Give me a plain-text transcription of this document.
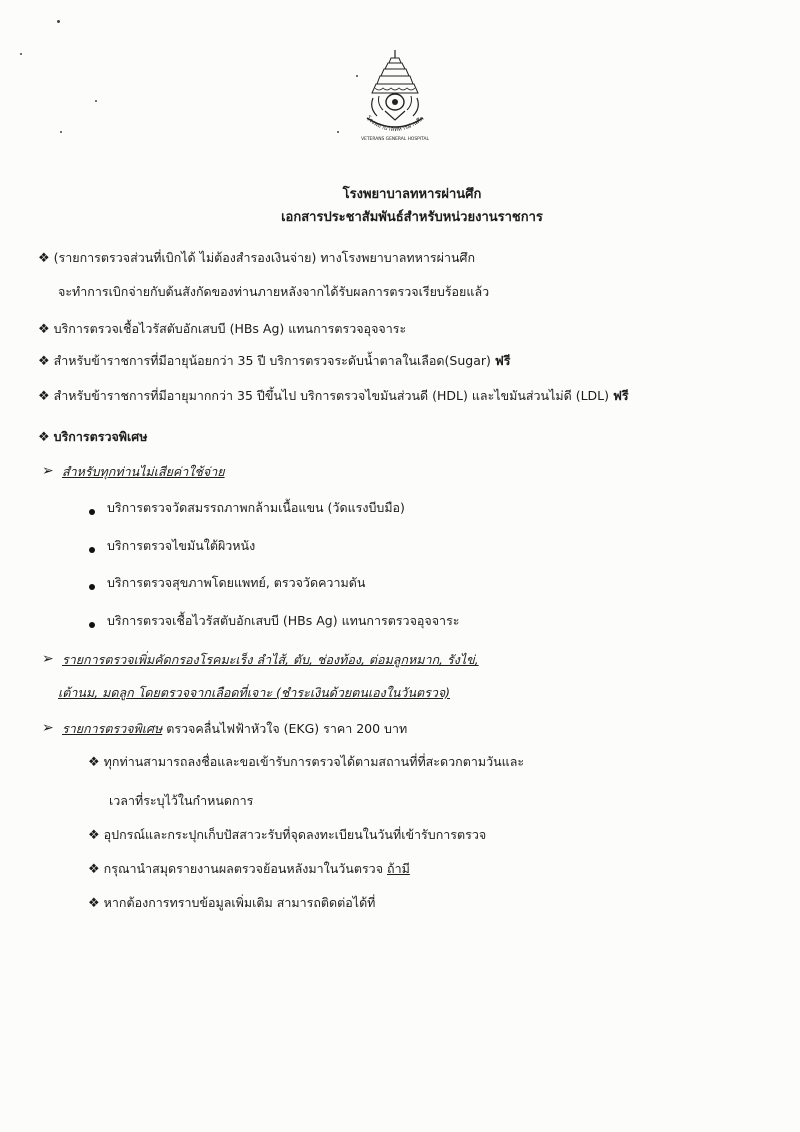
โรงพยาบาลทหารผ่านศึก
VETERANS GENERAL HOSPITAL
โรงพยาบาลทหารผ่านศึก
เอกสารประชาสัมพันธ์สำหรับหน่วยงานราชการ
❖ (รายการตรวจส่วนที่เบิกได้ ไม่ต้องสำรองเงินจ่าย) ทางโรงพยาบาลทหารผ่านศึก
จะทำการเบิกจ่ายกับต้นสังกัดของท่านภายหลังจากได้รับผลการตรวจเรียบร้อยแล้ว
❖ บริการตรวจเชื้อไวรัสตับอักเสบบี (HBs Ag) แทนการตรวจอุจจาระ
❖ สำหรับข้าราชการที่มีอายุน้อยกว่า 35 ปี บริการตรวจระดับน้ำตาลในเลือด(Sugar) ฟรี
❖ สำหรับข้าราชการที่มีอายุมากกว่า 35 ปีขึ้นไป บริการตรวจไขมันส่วนดี (HDL) และไขมันส่วนไม่ดี (LDL) ฟรี
❖ บริการตรวจพิเศษ
➢ สำหรับทุกท่านไม่เสียค่าใช้จ่าย
บริการตรวจวัดสมรรถภาพกล้ามเนื้อแขน (วัดแรงบีบมือ)
บริการตรวจไขมันใต้ผิวหนัง
บริการตรวจสุขภาพโดยแพทย์, ตรวจวัดความดัน
บริการตรวจเชื้อไวรัสตับอักเสบบี (HBs Ag) แทนการตรวจอุจจาระ
➢ รายการตรวจเพิ่มคัดกรองโรคมะเร็ง ลำไส้, ตับ, ช่องท้อง, ต่อมลูกหมาก, รังไข่,
เต้านม, มดลูก โดยตรวจจากเลือดที่เจาะ (ชำระเงินด้วยตนเองในวันตรวจ)
➢ รายการตรวจพิเศษ ตรวจคลื่นไฟฟ้าหัวใจ (EKG) ราคา 200 บาท
❖ ทุกท่านสามารถลงชื่อและขอเข้ารับการตรวจได้ตามสถานที่ที่สะดวกตามวันและ
เวลาที่ระบุไว้ในกำหนดการ
❖ อุปกรณ์และกระปุกเก็บปัสสาวะรับที่จุดลงทะเบียนในวันที่เข้ารับการตรวจ
❖ กรุณานำสมุดรายงานผลตรวจย้อนหลังมาในวันตรวจ ถ้ามี
❖ หากต้องการทราบข้อมูลเพิ่มเติม สามารถติดต่อได้ที่
